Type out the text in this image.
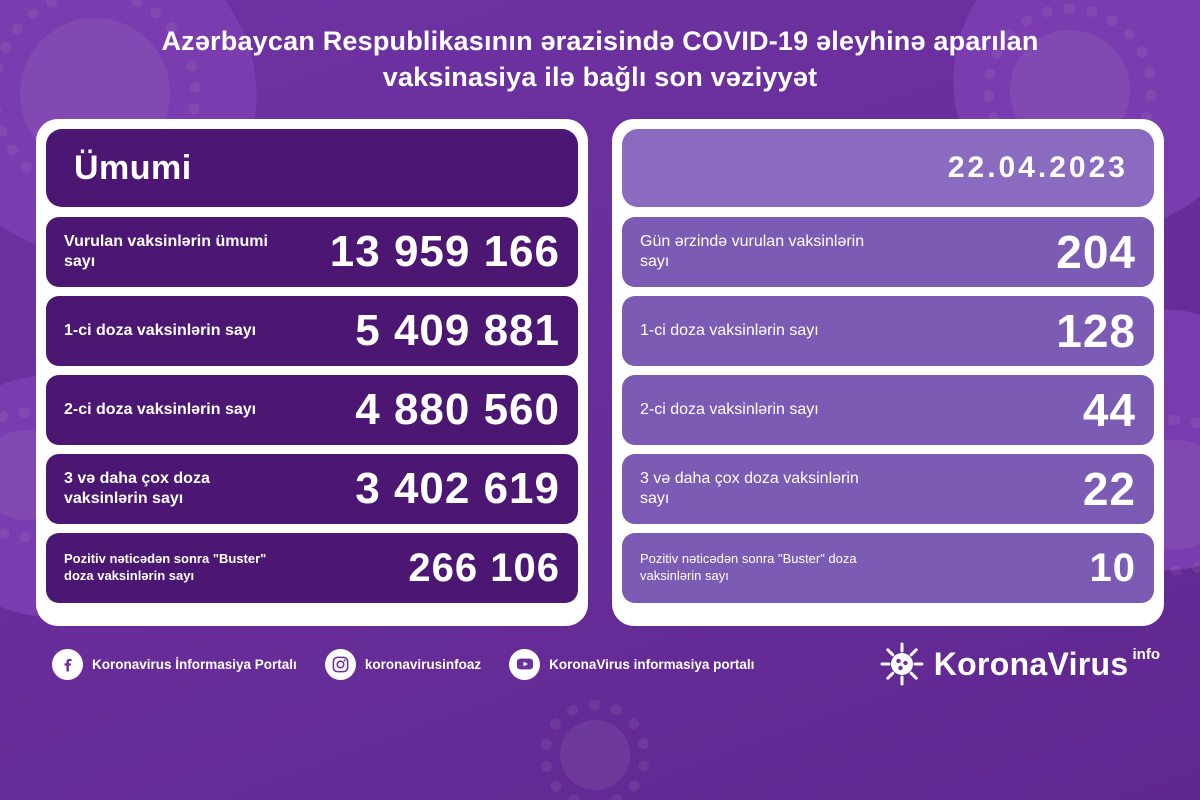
Azərbaycan Respublikasının ərazisində COVID-19 əleyhinə aparılan vaksinasiya ilə bağlı son vəziyyət
Ümumi
Vurulan vaksinlərin ümumi sayı	13 959 166
1-ci doza vaksinlərin sayı 5 409 881
2-ci doza vaksinlərin sayı 4 880 560
3 və daha çox doza vaksinlərin sayı	3 402 619
Pozitiv nəticədən sonra "Buster" doza vaksinlərin sayı	266 106
22.04.2023
Gün ərzində vurulan vaksinlərin sayı	204
1-ci doza vaksinlərin sayı	128
2-ci doza vaksinlərin sayı	44
3 və daha çox doza vaksinlərin sayı	22
Pozitiv nəticədən sonra "Buster" doza vaksinlərin sayı	10
Koronavirus İnformasiya Portalı	koronavirusinfoaz	KoronaVirus informasiya portalı	KoronaVirus info
